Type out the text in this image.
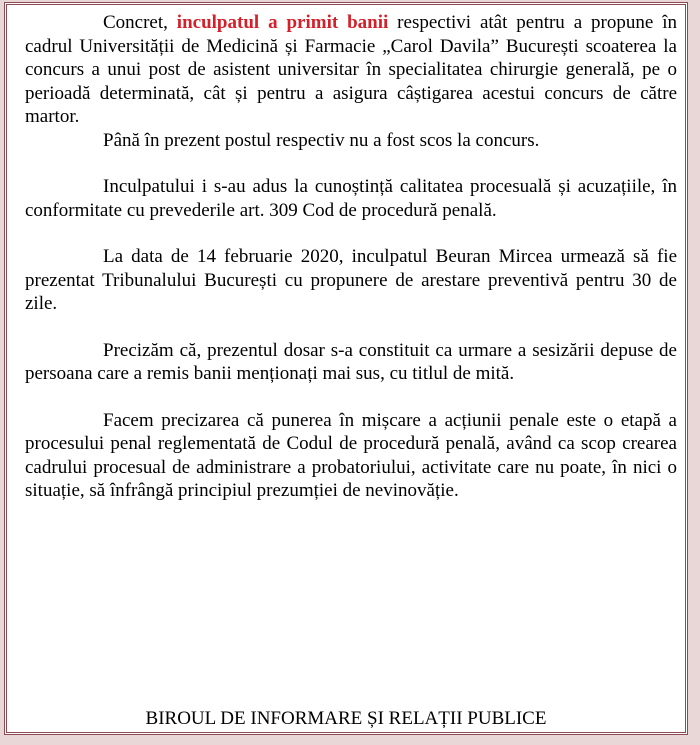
Concret, inculpatul a primit banii respectivi atât pentru a propune în cadrul Universității de Medicină și Farmacie „Carol Davila” București scoaterea la concurs a unui post de asistent universitar în specialitatea chirurgie generală, pe o perioadă determinată, cât și pentru a asigura câștigarea acestui concurs de către martor.

Până în prezent postul respectiv nu a fost scos la concurs.

Inculpatului i s-au adus la cunoștință calitatea procesuală și acuzațiile, în conformitate cu prevederile art. 309 Cod de procedură penală.

La data de 14 februarie 2020, inculpatul Beuran Mircea urmează să fie prezentat Tribunalului București cu propunere de arestare preventivă pentru 30 de zile.

Precizăm că, prezentul dosar s-a constituit ca urmare a sesizării depuse de persoana care a remis banii menționați mai sus, cu titlul de mită.

Facem precizarea că punerea în mișcare a acțiunii penale este o etapă a procesului penal reglementată de Codul de procedură penală, având ca scop crearea cadrului procesual de administrare a probatoriului, activitate care nu poate, în nici o situație, să înfrângă principiul prezumției de nevinovăție.

BIROUL DE INFORMARE ȘI RELAȚII PUBLICE
